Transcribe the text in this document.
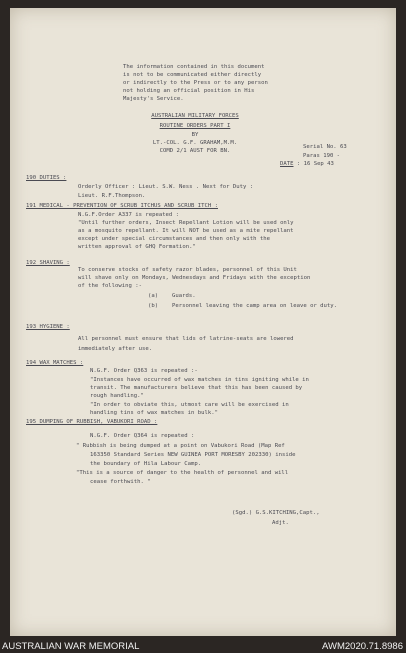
The information contained in this document
is not to be communicated either directly
or indirectly to the Press or to any person
not holding an official position in His
Majesty's Service.
AUSTRALIAN MILITARY FORCES
ROUTINE ORDERS PART I
BY
LT.-COL. G.F. GRAHAM,M.M.
COMD 2/1 AUST FOR BN.
Serial No. 63
Paras 190 -
DATE : 16 Sep 43
190 DUTIES :
Orderly Officer : Lieut. S.W. Ness . Next for Duty :
Lieut. R.F.Thompson.
191 MEDICAL - PREVENTION OF SCRUB ITCHUS AND SCRUB ITCH :
N.G.F.Order A337 is repeated :
"Until further orders, Insect Repellant Lotion will be used only
as a mosquito repellant. It will NOT be used as a mite repellant
except under special circumstances and then only with the
written approval of GHQ Formation."
192 SHAVING :
To conserve stocks of safety razor blades, personnel of this Unit
will shave only on Mondays, Wednesdays and Fridays with the exception
of the following :-
(a) Guards.
(b) Personnel leaving the camp area on leave or duty.
193 HYGIENE :
All personnel must ensure that lids of latrine-seats are lowered
immediately after use.
194 WAX MATCHES :
N.G.F. Order Q363 is repeated :-
"Instances have occurred of wax matches in tins igniting while in
transit. The manufacturers believe that this has been caused by
rough handling."
"In order to obviate this, utmost care will be exercised in
handling tins of wax matches in bulk."
195 DUMPING OF RUBBISH, VABUKORI ROAD :
N.G.F. Order Q364 is repeated :
" Rubbish is being dumped at a point on Vabukori Road (Map Ref
163350 Standard Series NEW GUINEA PORT MORESBY 202330) inside
the boundary of Hila Labour Camp.
"This is a source of danger to the health of personnel and will
cease forthwith. "
(Sgd.) G.S.KITCHING,Capt.,
Adjt.
AUSTRALIAN WAR MEMORIAL	AWM2020.71.8986
